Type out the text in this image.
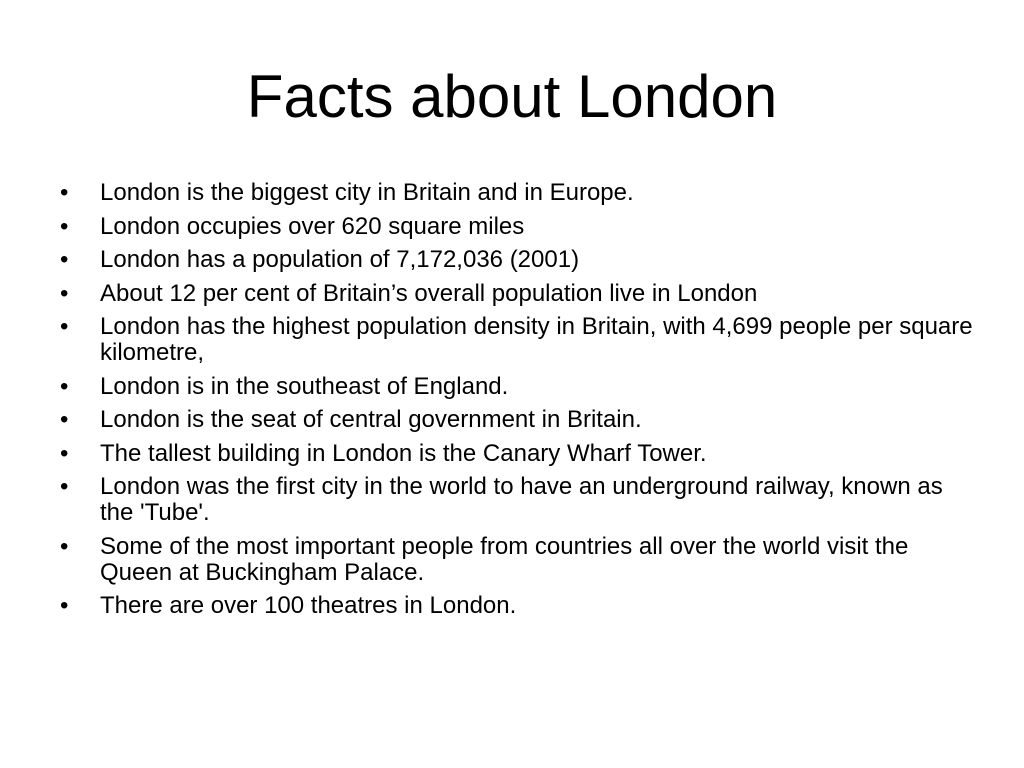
Facts about London
•	London is the biggest city in Britain and in Europe.
•	London occupies over 620 square miles
•	London has a population of 7,172,036 (2001)
•	About 12 per cent of Britain’s overall population live in London
•	London has the highest population density in Britain, with 4,699 people per square kilometre,
•	London is in the southeast of England.
•	London is the seat of central government in Britain.
•	The tallest building in London is the Canary Wharf Tower.
•	London was the first city in the world to have an underground railway, known as the 'Tube'.
•	Some of the most important people from countries all over the world visit the Queen at Buckingham Palace.
•	There are over 100 theatres in London.
